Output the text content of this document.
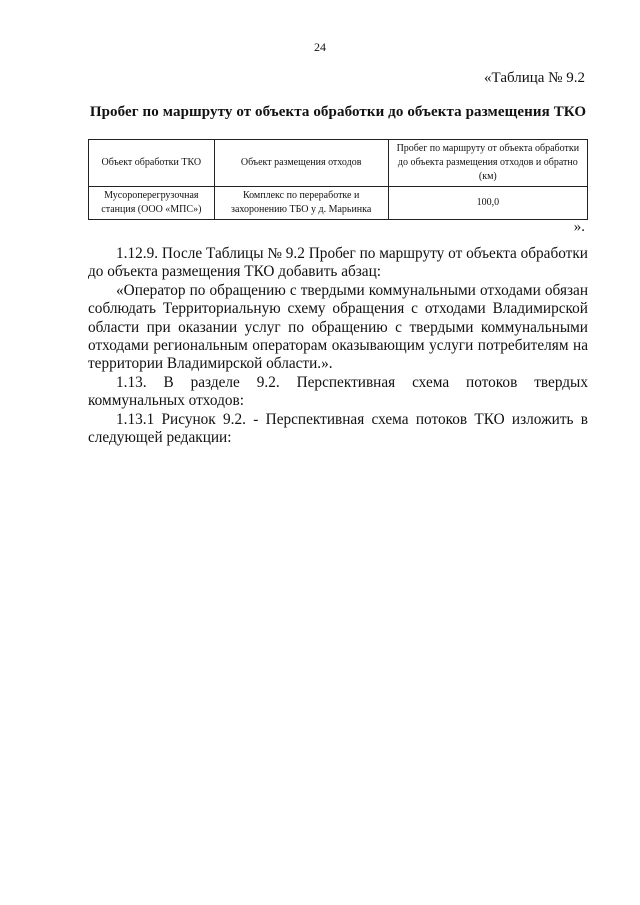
24
«Таблица № 9.2
Пробег по маршруту от объекта обработки до объекта размещения ТКО
Объект обработки ТКО	Объект размещения отходов	Пробег по маршруту от объекта обработки до объекта размещения отходов и обратно (км)
Мусороперегрузочная станция (ООО «МПС»)	Комплекс по переработке и захоронению ТБО у д. Марьинка	100,0
».

1.12.9. После Таблицы № 9.2 Пробег по маршруту от объекта обработки до объекта размещения ТКО добавить абзац:

«Оператор по обращению с твердыми коммунальными отходами обязан соблюдать Территориальную схему обращения с отходами Владимирской области при оказании услуг по обращению с твердыми коммунальными отходами региональным операторам оказывающим услуги потребителям на территории Владимирской области.».

1.13. В разделе 9.2. Перспективная схема потоков твердых коммунальных отходов:

1.13.1 Рисунок 9.2. - Перспективная схема потоков ТКО изложить в следующей редакции:
